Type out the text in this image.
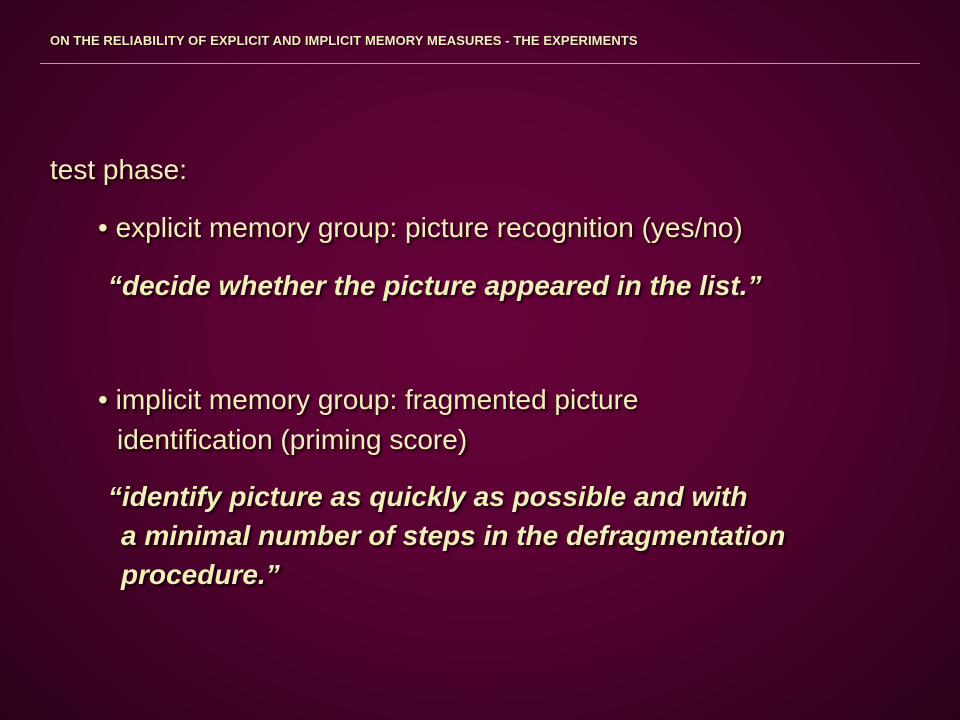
ON THE RELIABILITY OF EXPLICIT AND IMPLICIT MEMORY MEASURES - THE EXPERIMENTS
test phase:
• explicit memory group: picture recognition (yes/no)
“decide whether the picture appeared in the list.”
• implicit memory group: fragmented picture
identification (priming score)
“identify picture as quickly as possible and with
a minimal number of steps in the defragmentation
procedure.”
